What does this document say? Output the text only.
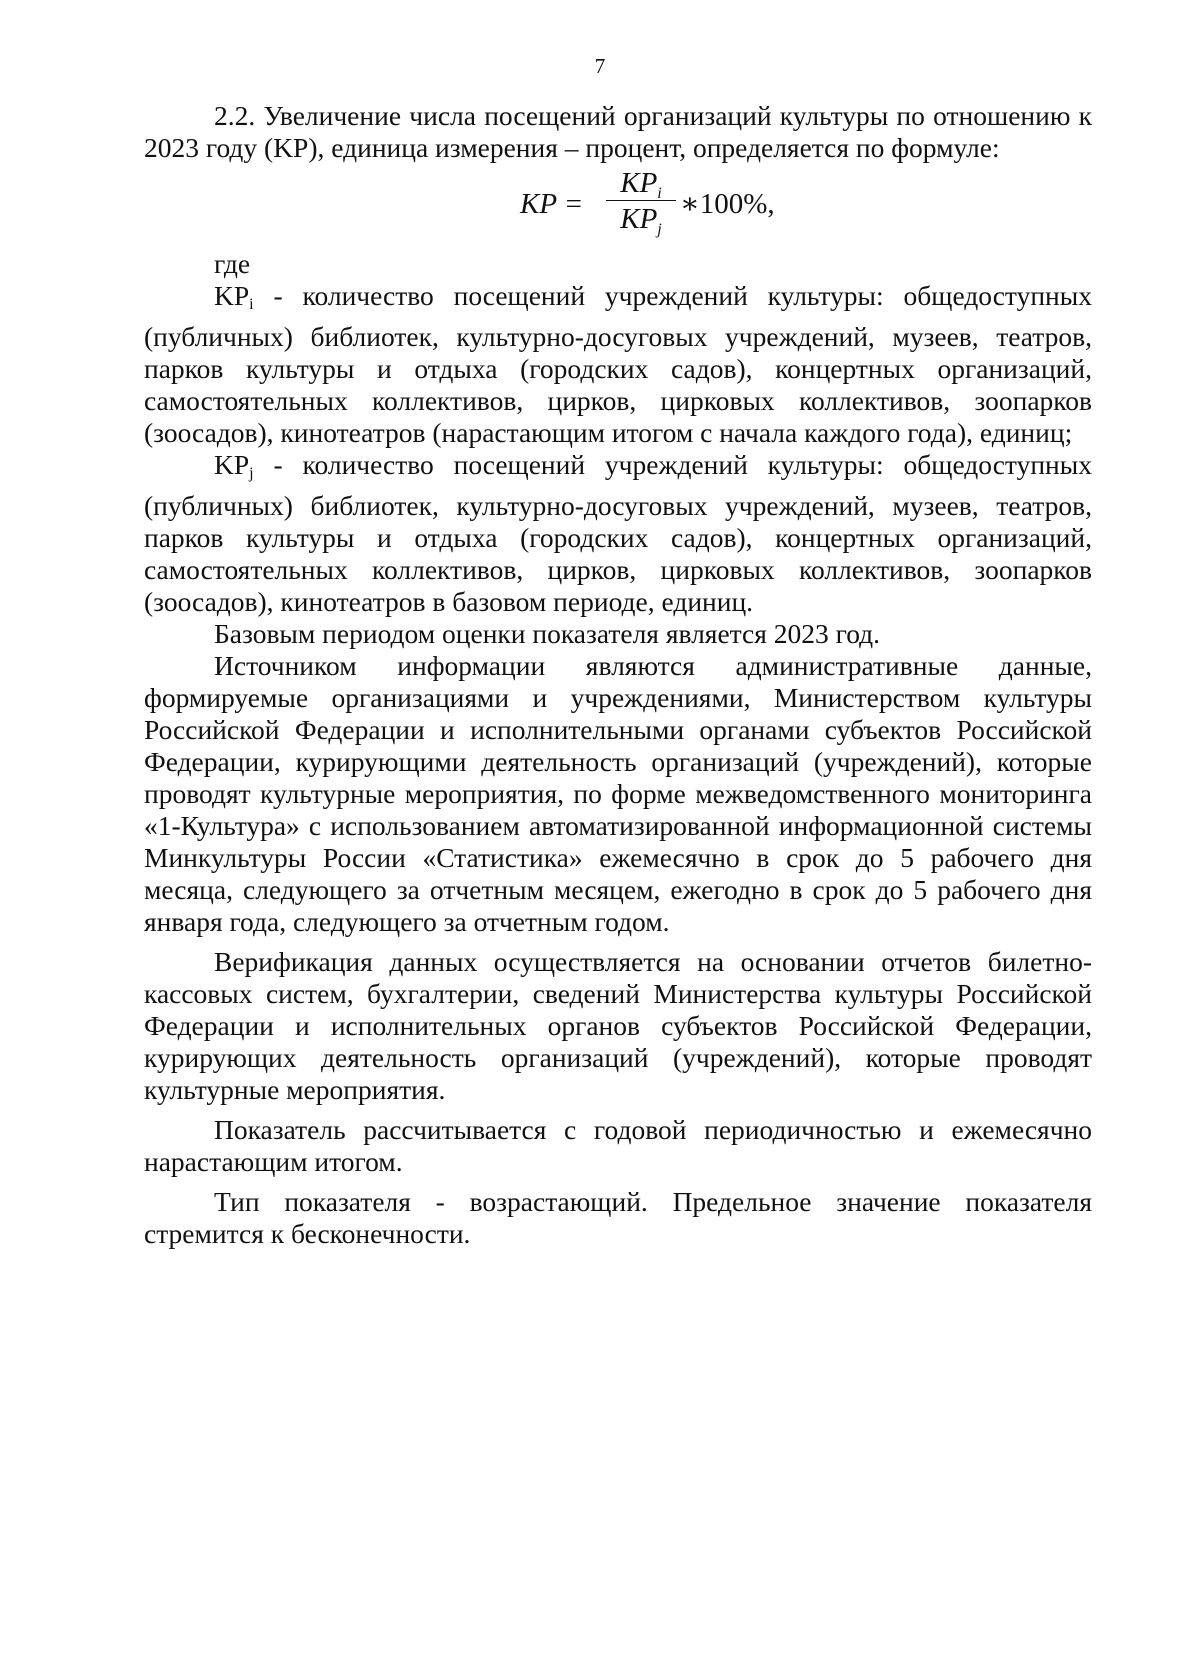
7

2.2. Увеличение числа посещений организаций культуры по отношению к 2023 году (KP), единица измерения – процент, определяется по формуле:

KP =
$KP_i$
$KP_j$
∗100%,

где

$KP_i$ - количество посещений учреждений культуры: общедоступных (публичных) библиотек, культурно-досуговых учреждений, музеев, театров, парков культуры и отдыха (городских садов), концертных организаций, самостоятельных коллективов, цирков, цирковых коллективов, зоопарков (зоосадов), кинотеатров (нарастающим итогом с начала каждого года), единиц;

$KP_j$ - количество посещений учреждений культуры: общедоступных (публичных) библиотек, культурно-досуговых учреждений, музеев, театров, парков культуры и отдыха (городских садов), концертных организаций, самостоятельных коллективов, цирков, цирковых коллективов, зоопарков (зоосадов), кинотеатров в базовом периоде, единиц.

Базовым периодом оценки показателя является 2023 год.

Источником информации являются административные данные, формируемые организациями и учреждениями, Министерством культуры Российской Федерации и исполнительными органами субъектов Российской Федерации, курирующими деятельность организаций (учреждений), которые проводят культурные мероприятия, по форме межведомственного мониторинга «1-Культура» с использованием автоматизированной информационной системы Минкультуры России «Статистика» ежемесячно в срок до 5 рабочего дня месяца, следующего за отчетным месяцем, ежегодно в срок до 5 рабочего дня января года, следующего за отчетным годом.

Верификация данных осуществляется на основании отчетов билетно-кассовых систем, бухгалтерии, сведений Министерства культуры Российской Федерации и исполнительных органов субъектов Российской Федерации, курирующих деятельность организаций (учреждений), которые проводят культурные мероприятия.

Показатель рассчитывается с годовой периодичностью и ежемесячно нарастающим итогом.

Тип показателя - возрастающий. Предельное значение показателя стремится к бесконечности.
